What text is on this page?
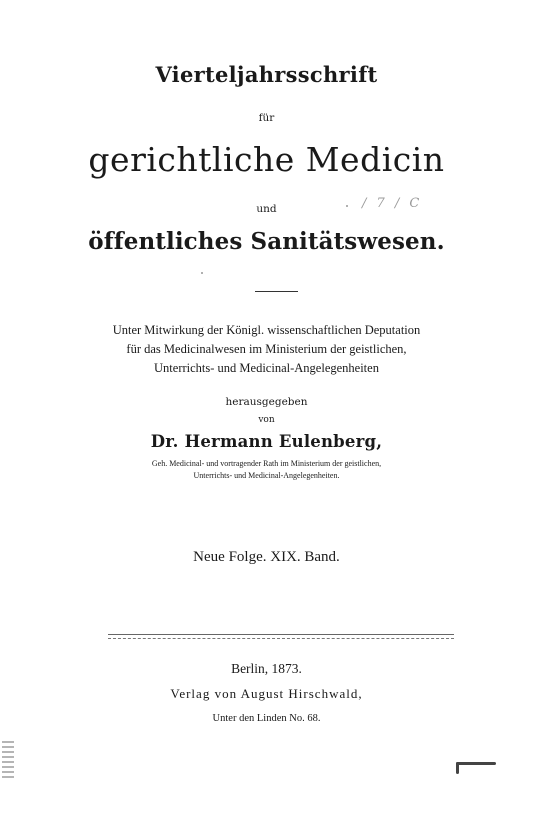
Vierteljahrsschrift
für
gerichtliche Medicin
und
öffentliches Sanitätswesen.
/ 7 / C
Unter Mitwirkung der Königl. wissenschaftlichen Deputation
für das Medicinalwesen im Ministerium der geistlichen,
Unterrichts- und Medicinal-Angelegenheiten
herausgegeben
von
Dr. Hermann Eulenberg,
Geh. Medicinal- und vortragender Rath im Ministerium der geistlichen,
Unterrichts- und Medicinal-Angelegenheiten.
Neue Folge. XIX. Band.
Berlin, 1873.
Verlag von August Hirschwald,
Unter den Linden No. 68.
